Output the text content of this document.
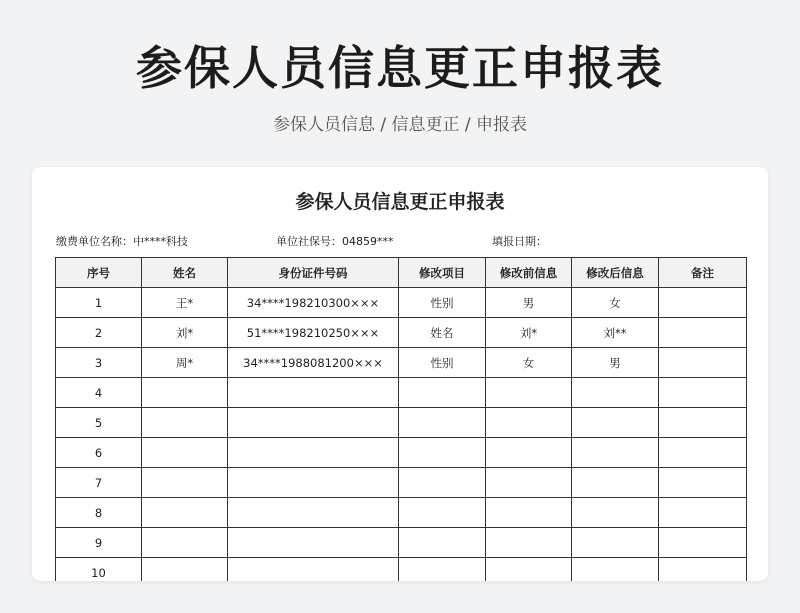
参保人员信息更正申报表
参保人员信息 / 信息更正 / 申报表
参保人员信息更正申报表
缴费单位名称：中****科技	单位社保号：04859***	填报日期：
序号	姓名	身份证件号码	修改项目	修改前信息	修改后信息	备注
1	王*	34****198210300×××	性别	男	女	
2	刘*	51****198210250×××	姓名	刘*	刘**	
3	周*	34****1988081200×××	性别	女	男	
4						
5						
6						
7						
8						
9						
10						
